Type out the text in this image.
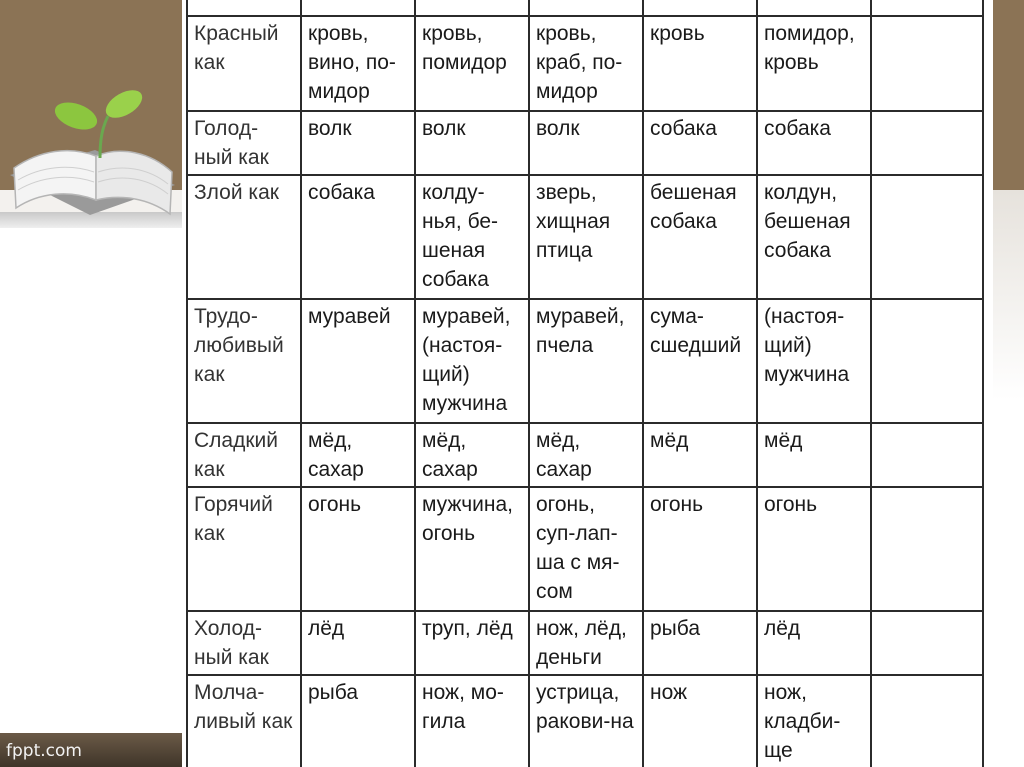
fppt.com

Красный как	кровь, вино, по-мидор	кровь, помидор	кровь, краб, по-мидор	кровь	помидор, кровь	
Голод-ный как	волк	волк	волк	собака	собака	
Злой как	собака	колду-нья, бе-шеная собака	зверь, хищная птица	бешеная собака	колдун, бешеная собака	
Трудо-любивый как	муравей	муравей, (настоя-щий) мужчина	муравей, пчела	сума-сшедший	(настоя-щий) мужчина	
Сладкий как	мёд, сахар	мёд, сахар	мёд, сахар	мёд	мёд	
Горячий как	огонь	мужчина, огонь	огонь, суп-лап-ша с мя-сом	огонь	огонь	
Холод-ный как	лёд	труп, лёд	нож, лёд, деньги	рыба	лёд	
Молча-ливый как	рыба	нож, мо-гила	устрица, ракови-на	нож	нож, кладби-ще	
